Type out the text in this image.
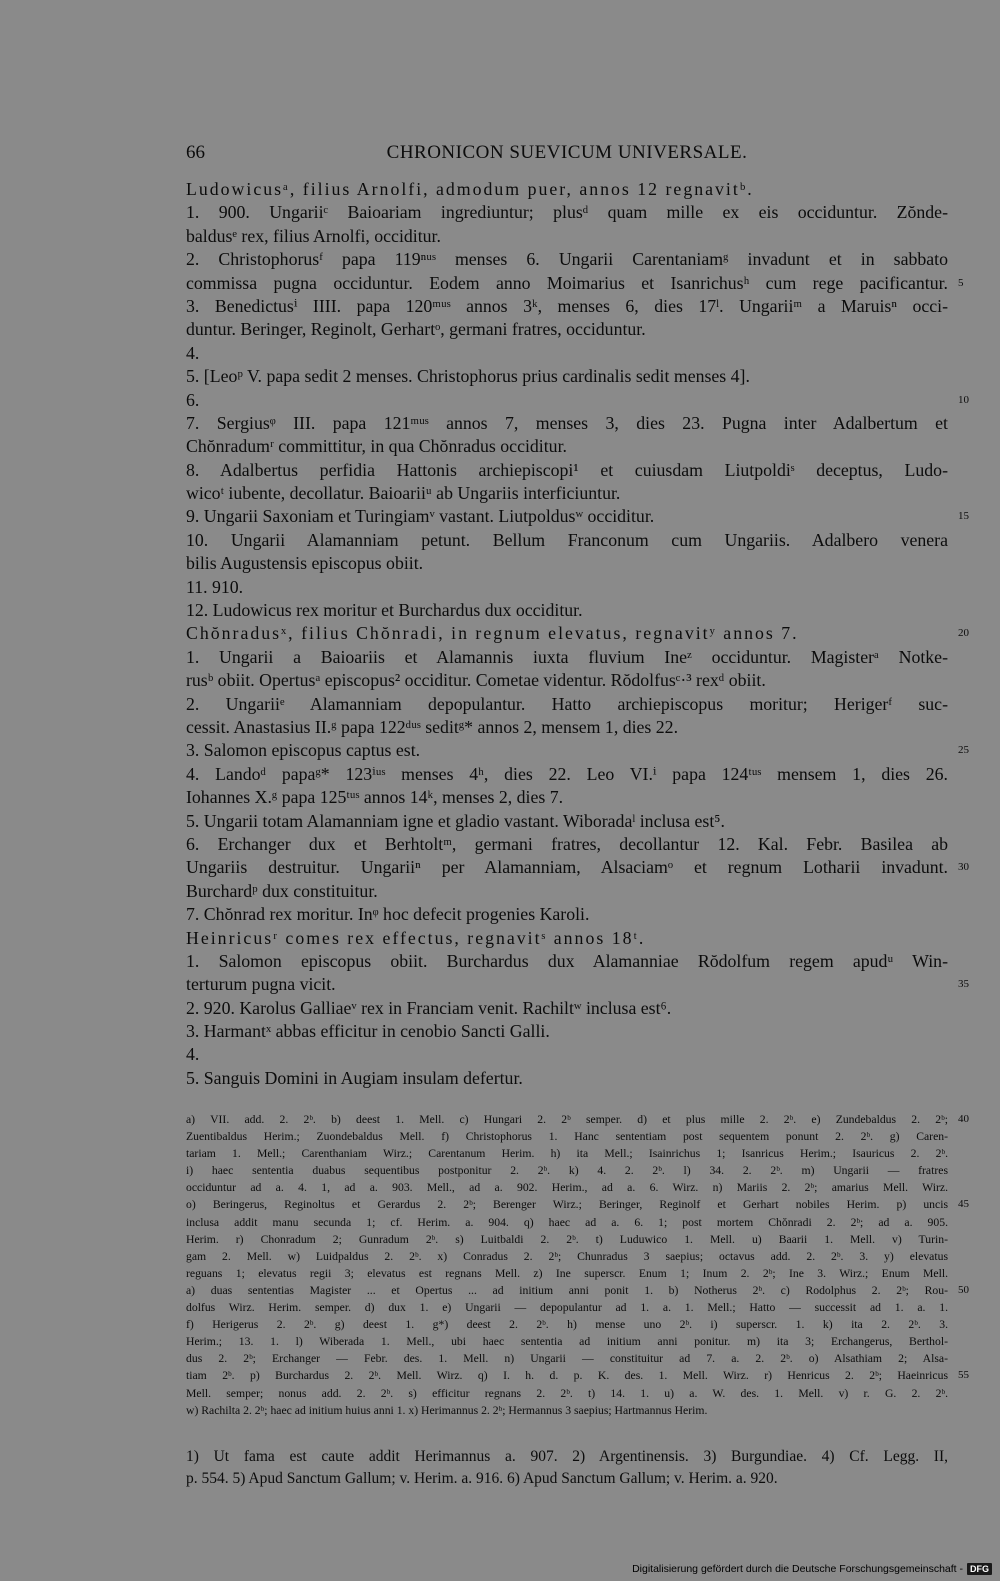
66	CHRONICON SUEVICUM UNIVERSALE.
Ludowicusᵃ, filius Arnolfi, admodum puer, annos 12 regnavitᵇ.
1. 900. Ungariiᶜ Baioariam ingrediuntur; plusᵈ quam mille ex eis occiduntur. Zŏnde-
baldusᵉ rex, filius Arnolfi, occiditur.
2. Christophorusᶠ papa 119ⁿᵘˢ menses 6. Ungarii Carentaniamᵍ invadunt et in sabbato
commissa pugna occiduntur. Eodem anno Moimarius et Isanrichusʰ cum rege pacificantur. 5
3. Benedictusⁱ IIII. papa 120ᵐᵘˢ annos 3ᵏ, menses 6, dies 17ˡ. Ungariiᵐ a Maruisⁿ occi-
duntur. Beringer, Reginolt, Gerhartᵒ, germani fratres, occiduntur.
4.
5. [Leoᵖ V. papa sedit 2 menses. Christophorus prius cardinalis sedit menses 4].
6.	10
7. Sergiusᵠ III. papa 121ᵐᵘˢ annos 7, menses 3, dies 23. Pugna inter Adalbertum et
Chŏnradumʳ committitur, in qua Chŏnradus occiditur.
8. Adalbertus perfidia Hattonis archiepiscopi¹ et cuiusdam Liutpoldiˢ deceptus, Ludo-
wicoᵗ iubente, decollatur. Baioariiᵘ ab Ungariis interficiuntur.
9. Ungarii Saxoniam et Turingiamᵛ vastant. Liutpoldusʷ occiditur.	15
10. Ungarii Alamanniam petunt. Bellum Franconum cum Ungariis. Adalbero venera
bilis Augustensis episcopus obiit.
11. 910.
12. Ludowicus rex moritur et Burchardus dux occiditur.
Chŏnradusˣ, filius Chŏnradi, in regnum elevatus, regnavitʸ annos 7.	20
1. Ungarii a Baioariis et Alamannis iuxta fluvium Ineᶻ occiduntur. Magisterᵃ Notke-
rusᵇ obiit. Opertusᵃ episcopus² occiditur. Cometae videntur. Rŏdolfusᶜ·³ rexᵈ obiit.
2. Ungariiᵉ Alamanniam depopulantur. Hatto archiepiscopus moritur; Herigerᶠ suc-
cessit. Anastasius II.ᵍ papa 122ᵈᵘˢ seditᵍ* annos 2, mensem 1, dies 22.
3. Salomon episcopus captus est.	25
4. Landoᵈ papaᵍ* 123ⁱᵘˢ menses 4ʰ, dies 22. Leo VI.ⁱ papa 124ᵗᵘˢ mensem 1, dies 26.
Iohannes X.ᵍ papa 125ᵗᵘˢ annos 14ᵏ, menses 2, dies 7.
5. Ungarii totam Alamanniam igne et gladio vastant. Wiboradaˡ inclusa est⁵.
6. Erchanger dux et Berhtoltᵐ, germani fratres, decollantur 12. Kal. Febr. Basilea ab
Ungariis destruitur. Ungariiⁿ per Alamanniam, Alsaciamᵒ et regnum Lotharii invadunt. 30
Burchardᵖ dux constituitur.
7. Chŏnrad rex moritur. Inᵠ hoc defecit progenies Karoli.
Heinricusʳ comes rex effectus, regnavitˢ annos 18ᵗ.
1. Salomon episcopus obiit. Burchardus dux Alamanniae Rŏdolfum regem apudᵘ Win-
terturum pugna vicit.	35
2. 920. Karolus Galliaeᵛ rex in Franciam venit. Rachiltʷ inclusa est⁶.
3. Harmantˣ abbas efficitur in cenobio Sancti Galli.
4.
5. Sanguis Domini in Augiam insulam defertur.
a) VII. add. 2. 2ᵇ. b) deest 1. Mell. c) Hungari 2. 2ᵇ semper. d) et plus mille 2. 2ᵇ. e) Zundebaldus 2. 2ᵇ; 40
Zuentibaldus Herim.; Zuondebaldus Mell. f) Christophorus 1. Hanc sententiam post sequentem ponunt 2. 2ᵇ. g) Caren-
tariam 1. Mell.; Carenthaniam Wirz.; Carentanum Herim. h) ita Mell.; Isainrichus 1; Isanricus Herim.; Isauricus 2. 2ᵇ.
i) haec sententia duabus sequentibus postponitur 2. 2ᵇ. k) 4. 2. 2ᵇ. l) 34. 2. 2ᵇ. m) Ungarii — fratres
occiduntur ad a. 4. 1, ad a. 903. Mell., ad a. 902. Herim., ad a. 6. Wirz. n) Mariis 2. 2ᵇ; amarius Mell. Wirz.
o) Beringerus, Reginoltus et Gerardus 2. 2ᵇ; Berenger Wirz.; Beringer, Reginolf et Gerhart nobiles Herim. p) uncis 45
inclusa addit manu secunda 1; cf. Herim. a. 904. q) haec ad a. 6. 1; post mortem Chŏnradi 2. 2ᵇ; ad a. 905.
Herim. r) Chonradum 2; Gunradum 2ᵇ. s) Luitbaldi 2. 2ᵇ. t) Luduwico 1. Mell. u) Baarii 1. Mell. v) Turin-
gam 2. Mell. w) Luidpaldus 2. 2ᵇ. x) Conradus 2. 2ᵇ; Chunradus 3 saepius; octavus add. 2. 2ᵇ. 3. y) elevatus
reguans 1; elevatus regii 3; elevatus est regnans Mell. z) Ine superscr. Enum 1; Inum 2. 2ᵇ; Ine 3. Wirz.; Enum Mell.
a) duas sententias Magister ... et Opertus ... ad initium anni ponit 1. b) Notherus 2ᵇ. c) Rodolphus 2. 2ᵇ; Rou- 50
dolfus Wirz. Herim. semper. d) dux 1. e) Ungarii — depopulantur ad 1. a. 1. Mell.; Hatto — successit ad 1. a. 1.
f) Herigerus 2. 2ᵇ. g) deest 1. g*) deest 2. 2ᵇ. h) mense uno 2ᵇ. i) superscr. 1. k) ita 2. 2ᵇ. 3.
Herim.; 13. 1. l) Wiberada 1. Mell., ubi haec sententia ad initium anni ponitur. m) ita 3; Erchangerus, Berthol-
dus 2. 2ᵇ; Erchanger — Febr. des. 1. Mell. n) Ungarii — constituitur ad 7. a. 2. 2ᵇ. o) Alsathiam 2; Alsa-
tiam 2ᵇ. p) Burchardus 2. 2ᵇ. Mell. Wirz. q) I. h. d. p. K. des. 1. Mell. Wirz. r) Henricus 2. 2ᵇ; Haeinricus 55
Mell. semper; nonus add. 2. 2ᵇ. s) efficitur regnans 2. 2ᵇ. t) 14. 1. u) a. W. des. 1. Mell. v) r. G. 2. 2ᵇ.
w) Rachilta 2. 2ᵇ; haec ad initium huius anni 1. x) Herimannus 2. 2ᵇ; Hermannus 3 saepius; Hartmannus Herim.
1) Ut fama est caute addit Herimannus a. 907. 2) Argentinensis. 3) Burgundiae. 4) Cf. Legg. II,
p. 554. 5) Apud Sanctum Gallum; v. Herim. a. 916. 6) Apud Sanctum Gallum; v. Herim. a. 920.
Digitalisierung gefördert durch die Deutsche Forschungsgemeinschaft - DFG
